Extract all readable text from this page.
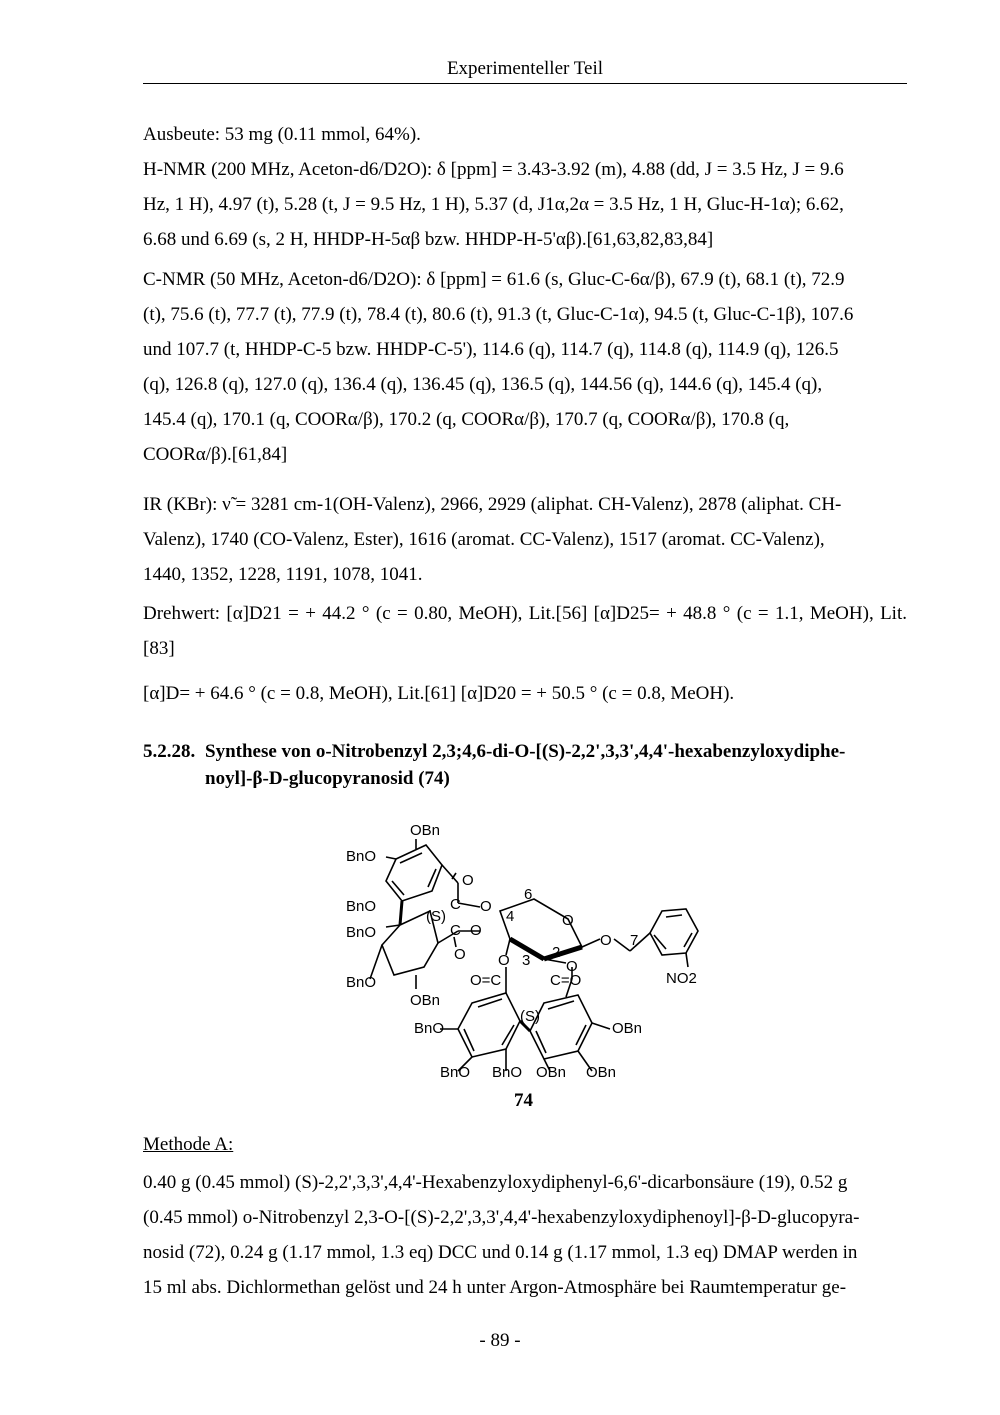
Experimenteller Teil
Ausbeute: 53 mg (0.11 mmol, 64%).
H-NMR (200 MHz, Aceton-d6/D2O): δ [ppm] = 3.43-3.92 (m), 4.88 (dd, J = 3.5 Hz, J = 9.6
Hz, 1 H), 4.97 (t), 5.28 (t, J = 9.5 Hz, 1 H), 5.37 (d, J1α,2α = 3.5 Hz, 1 H, Gluc-H-1α); 6.62,
6.68 und 6.69 (s, 2 H, HHDP-H-5αβ bzw. HHDP-H-5'αβ).[61,63,82,83,84]
C-NMR (50 MHz, Aceton-d6/D2O): δ [ppm] = 61.6 (s, Gluc-C-6α/β), 67.9 (t), 68.1 (t), 72.9
(t), 75.6 (t), 77.7 (t), 77.9 (t), 78.4 (t), 80.6 (t), 91.3 (t, Gluc-C-1α), 94.5 (t, Gluc-C-1β), 107.6
und 107.7 (t, HHDP-C-5 bzw. HHDP-C-5'), 114.6 (q), 114.7 (q), 114.8 (q), 114.9 (q), 126.5
(q), 126.8 (q), 127.0 (q), 136.4 (q), 136.45 (q), 136.5 (q), 144.56 (q), 144.6 (q), 145.4 (q),
145.4 (q), 170.1 (q, COORα/β), 170.2 (q, COORα/β), 170.7 (q, COORα/β), 170.8 (q,
COORα/β).[61,84]
IR (KBr): ν̃ = 3281 cm-1(OH-Valenz), 2966, 2929 (aliphat. CH-Valenz), 2878 (aliphat. CH-
Valenz), 1740 (CO-Valenz, Ester), 1616 (aromat. CC-Valenz), 1517 (aromat. CC-Valenz),
1440, 1352, 1228, 1191, 1078, 1041.
Drehwert: [α]D21 = + 44.2 ° (c = 0.80, MeOH), Lit.[56] [α]D25= + 48.8 ° (c = 1.1, MeOH), Lit.[83]
[α]D= + 64.6 ° (c = 0.8, MeOH), Lit.[61] [α]D20 = + 50.5 ° (c = 0.8, MeOH).
5.2.28. Synthese von o-Nitrobenzyl 2,3;4,6-di-O-[(S)-2,2',3,3',4,4'-hexabenzyloxydiphe-
noyl]-β-D-glucopyranosid (74)
OBn
BnO
BnO
BnO
BnO
OBn
BnO
BnO BnO OBn OBn
OBn
(S)
(S)
O
C O
C O
O
O
O
O	O
O=C	C=O	NO2
6
4
3 2
7
74
Methode A:
0.40 g (0.45 mmol) (S)-2,2',3,3',4,4'-Hexabenzyloxydiphenyl-6,6'-dicarbonsäure (19), 0.52 g
(0.45 mmol) o-Nitrobenzyl 2,3-O-[(S)-2,2',3,3',4,4'-hexabenzyloxydiphenoyl]-β-D-glucopyra-
nosid (72), 0.24 g (1.17 mmol, 1.3 eq) DCC und 0.14 g (1.17 mmol, 1.3 eq) DMAP werden in
15 ml abs. Dichlormethan gelöst und 24 h unter Argon-Atmosphäre bei Raumtemperatur ge-
- 89 -
